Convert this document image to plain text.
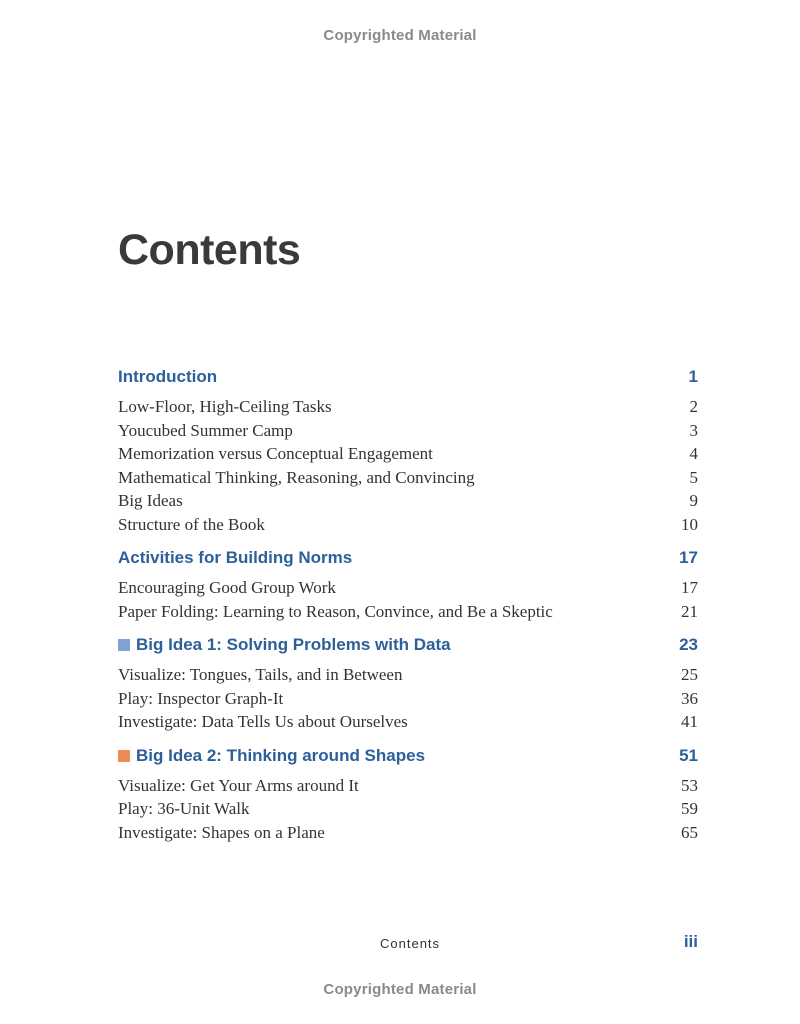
Copyrighted Material
Contents
Introduction	1
Low-Floor, High-Ceiling Tasks	2
Youcubed Summer Camp	3
Memorization versus Conceptual Engagement	4
Mathematical Thinking, Reasoning, and Convincing	5
Big Ideas	9
Structure of the Book	10
Activities for Building Norms	17
Encouraging Good Group Work	17
Paper Folding: Learning to Reason, Convince, and Be a Skeptic	21
Big Idea 1: Solving Problems with Data	23
Visualize: Tongues, Tails, and in Between	25
Play: Inspector Graph-It	36
Investigate: Data Tells Us about Ourselves	41
Big Idea 2: Thinking around Shapes	51
Visualize: Get Your Arms around It	53
Play: 36-Unit Walk	59
Investigate: Shapes on a Plane	65
Contents	iii
Copyrighted Material
